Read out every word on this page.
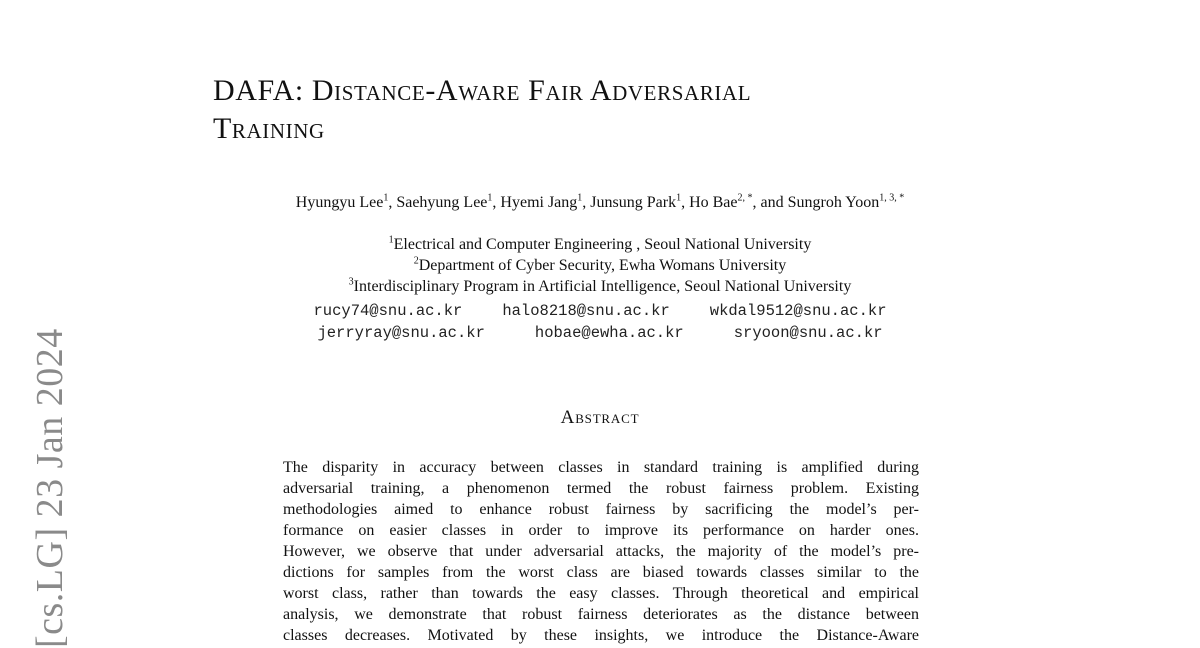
[cs.LG] 23 Jan 2024
DAFA: Distance-Aware Fair Adversarial
Training
Hyungyu Lee$^1$, Saehyung Lee$^1$, Hyemi Jang$^1$, Junsung Park$^1$, Ho Bae$^{2, *}$, and Sungroh Yoon$^{1, 3, *}$
$^1$Electrical and Computer Engineering , Seoul National University
$^2$Department of Cyber Security, Ewha Womans University
$^3$Interdisciplinary Program in Artificial Intelligence, Seoul National University
rucy74@snu.ac.kr	halo8218@snu.ac.kr	wkdal9512@snu.ac.kr
jerryray@snu.ac.kr	hobae@ewha.ac.kr	sryoon@snu.ac.kr
Abstract
The disparity in accuracy between classes in standard training is amplified during
adversarial training, a phenomenon termed the robust fairness problem. Existing
methodologies aimed to enhance robust fairness by sacrificing the model’s per-
formance on easier classes in order to improve its performance on harder ones.
However, we observe that under adversarial attacks, the majority of the model’s pre-
dictions for samples from the worst class are biased towards classes similar to the
worst class, rather than towards the easy classes. Through theoretical and empirical
analysis, we demonstrate that robust fairness deteriorates as the distance between
classes decreases. Motivated by these insights, we introduce the Distance-Aware
